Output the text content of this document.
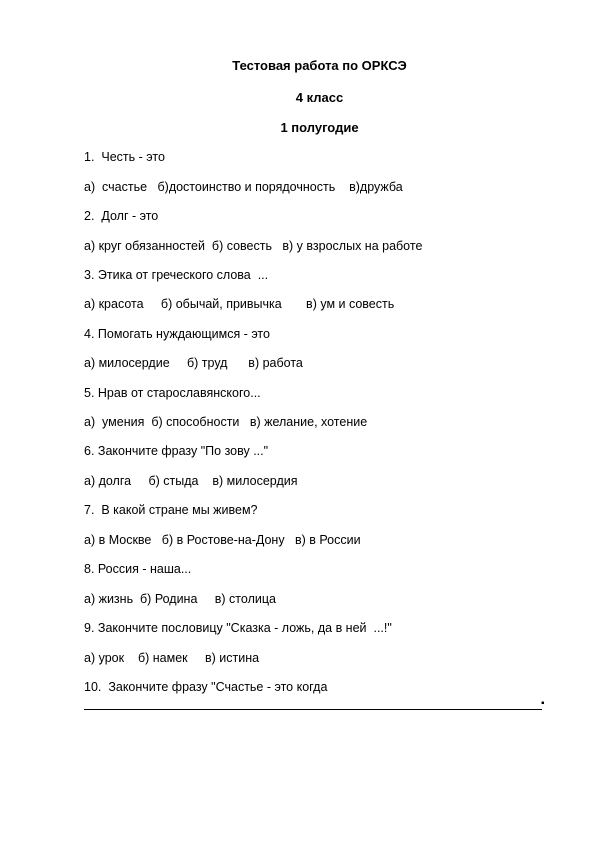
Тестовая работа по ОРКСЭ
4 класс
1 полугодие
1.  Честь - это
а)  счастье   б)достоинство и порядочность    в)дружба
2.  Долг - это
а) круг обязанностей  б) совесть   в) у взрослых на работе
3. Этика от греческого слова  ...
а) красота     б) обычай, привычка       в) ум и совесть
4. Помогать нуждающимся - это
а) милосердие     б) труд      в) работа
5. Нрав от старославянского...
а)  умения  б) способности   в) желание, хотение
6. Закончите фразу "По зову ..."
а) долга     б) стыда    в) милосердия
7.  В какой стране мы живем?
а) в Москве   б) в Ростове-на-Дону   в) в России
8. Россия - наша...
а) жизнь  б) Родина     в) столица
9. Закончите пословицу "Сказка - ложь, да в ней  ...!"
а) урок    б) намек     в) истина
10.  Закончите фразу "Счастье - это когда
▪
